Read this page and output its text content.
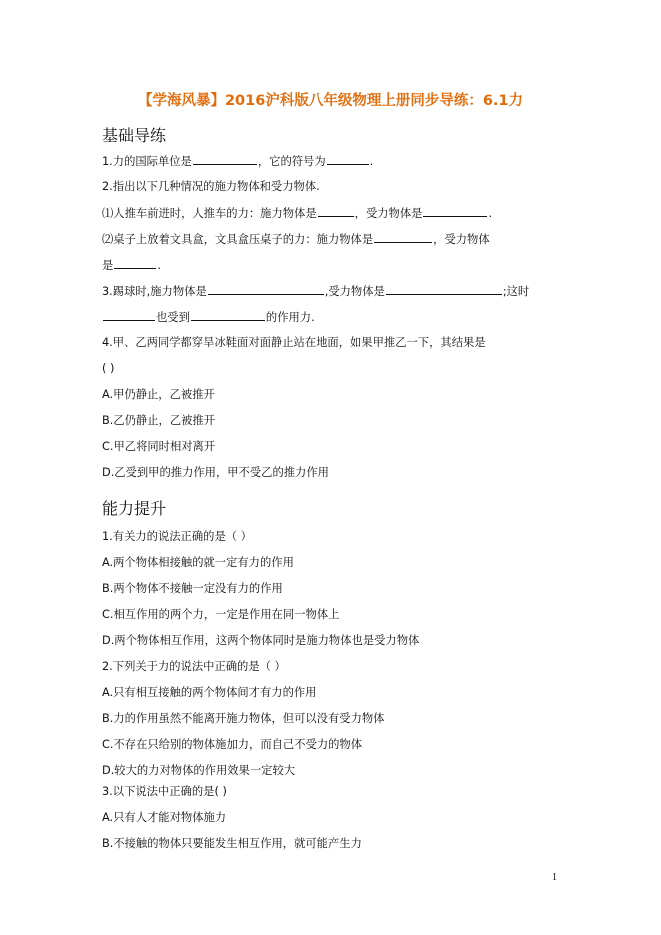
【学海风暴】2016沪科版八年级物理上册同步导练：6.1力
基础导练
1.力的国际单位是	，它的符号为	.
2.指出以下几种情况的施力物体和受力物体.
⑴人推车前进时，人推车的力：施力物体是	，受力物体是	.
⑵桌子上放着文具盒，文具盒压桌子的力：施力物体是	，受力物体
是	.
3.踢球时,施力物体是	,受力物体是	;这时
也受到	的作用力.
4.甲、乙两同学都穿旱冰鞋面对面静止站在地面，如果甲推乙一下，其结果是
( )
A.甲仍静止，乙被推开
B.乙仍静止，乙被推开
C.甲乙将同时相对离开
D.乙受到甲的推力作用，甲不受乙的推力作用
能力提升
1.有关力的说法正确的是（ ）
A.两个物体相接触的就一定有力的作用
B.两个物体不接触一定没有力的作用
C.相互作用的两个力，一定是作用在同一物体上
D.两个物体相互作用，这两个物体同时是施力物体也是受力物体
2.下列关于力的说法中正确的是（ ）
A.只有相互接触的两个物体间才有力的作用
B.力的作用虽然不能离开施力物体，但可以没有受力物体
C.不存在只给别的物体施加力，而自己不受力的物体
D.较大的力对物体的作用效果一定较大
3.以下说法中正确的是( )
A.只有人才能对物体施力
B.不接触的物体只要能发生相互作用，就可能产生力
1
